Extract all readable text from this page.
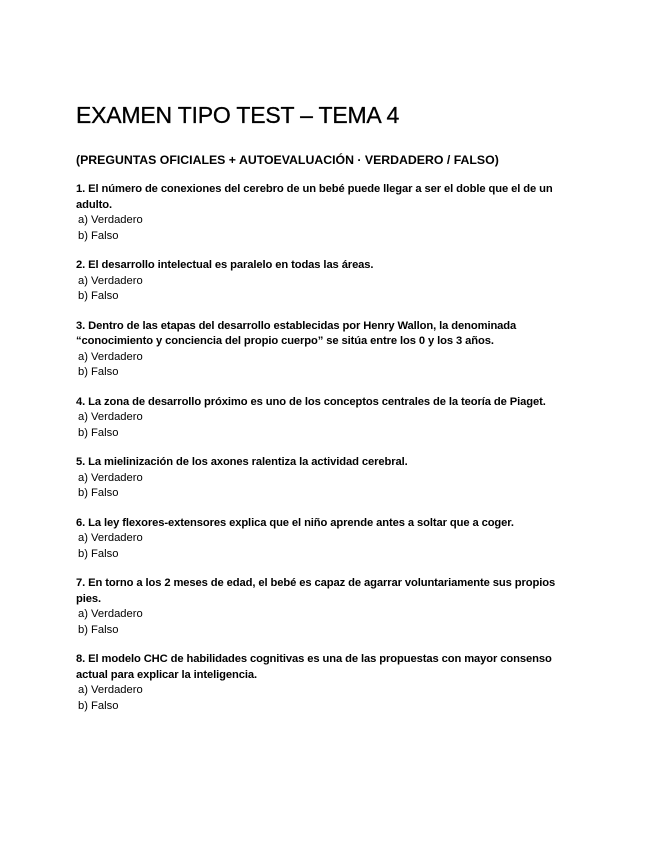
EXAMEN TIPO TEST – TEMA 4

(PREGUNTAS OFICIALES + AUTOEVALUACIÓN · VERDADERO / FALSO)

1. El número de conexiones del cerebro de un bebé puede llegar a ser el doble que el de un adulto.

a) Verdadero
b) Falso

2. El desarrollo intelectual es paralelo en todas las áreas.

a) Verdadero
b) Falso

3. Dentro de las etapas del desarrollo establecidas por Henry Wallon, la denominada “conocimiento y conciencia del propio cuerpo” se sitúa entre los 0 y los 3 años.

a) Verdadero
b) Falso

4. La zona de desarrollo próximo es uno de los conceptos centrales de la teoría de Piaget.

a) Verdadero
b) Falso

5. La mielinización de los axones ralentiza la actividad cerebral.

a) Verdadero
b) Falso

6. La ley flexores-extensores explica que el niño aprende antes a soltar que a coger.

a) Verdadero
b) Falso

7. En torno a los 2 meses de edad, el bebé es capaz de agarrar voluntariamente sus propios pies.

a) Verdadero
b) Falso

8. El modelo CHC de habilidades cognitivas es una de las propuestas con mayor consenso actual para explicar la inteligencia.

a) Verdadero
b) Falso
